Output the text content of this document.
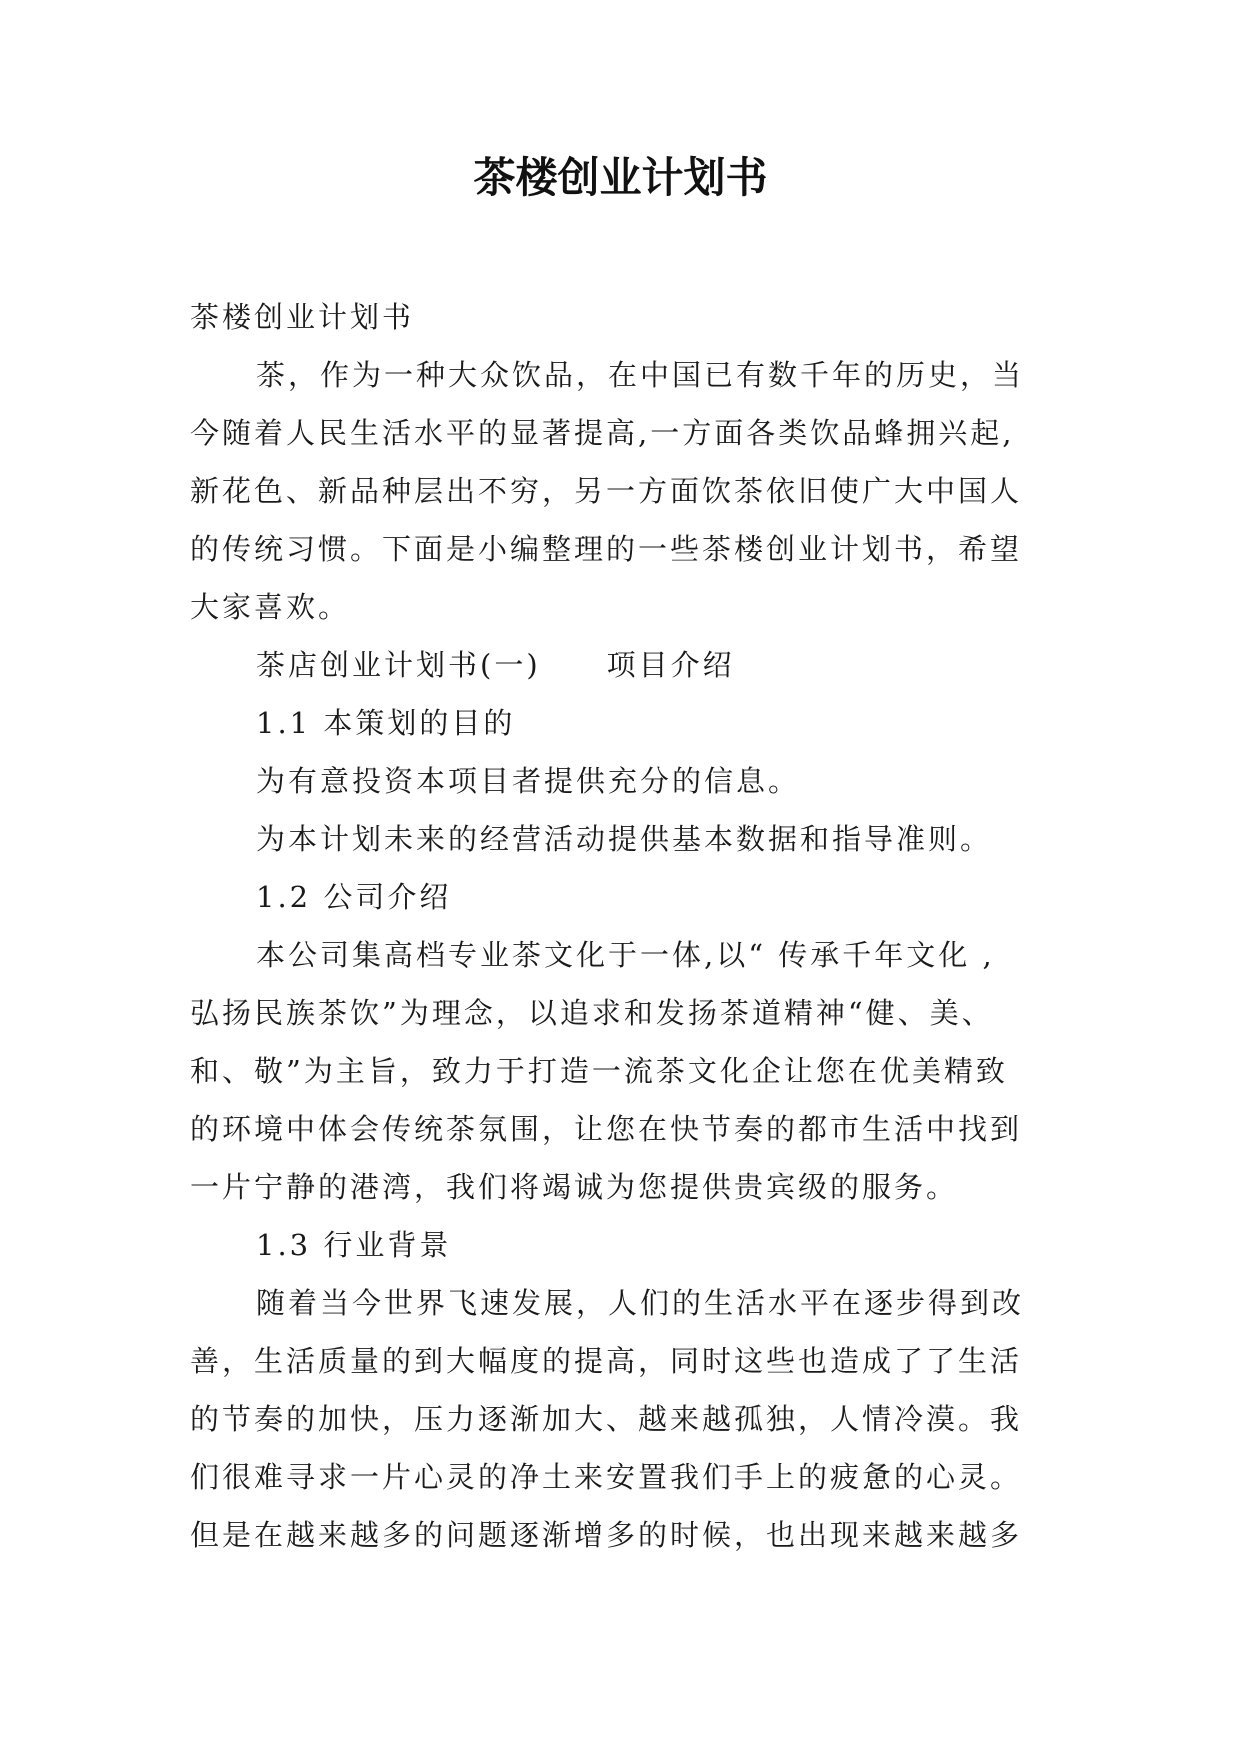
茶楼创业计划书
茶楼创业计划书
茶，作为一种大众饮品，在中国已有数千年的历史，当
今随着人民生活水平的显著提高,一方面各类饮品蜂拥兴起,
新花色、新品种层出不穷，另一方面饮茶依旧使广大中国人
的传统习惯。下面是小编整理的一些茶楼创业计划书，希望
大家喜欢。
茶店创业计划书(一) 项目介绍
1.1 本策划的目的
为有意投资本项目者提供充分的信息。
为本计划未来的经营活动提供基本数据和指导准则。
1.2 公司介绍
本公司集高档专业茶文化于一体,以“ 传承千年文化 ,
弘扬民族茶饮”为理念，以追求和发扬茶道精神“健、美、
和、敬”为主旨，致力于打造一流茶文化企让您在优美精致
的环境中体会传统茶氛围，让您在快节奏的都市生活中找到
一片宁静的港湾，我们将竭诚为您提供贵宾级的服务。
1.3 行业背景
随着当今世界飞速发展，人们的生活水平在逐步得到改
善，生活质量的到大幅度的提高，同时这些也造成了了生活
的节奏的加快，压力逐渐加大、越来越孤独，人情冷漠。我
们很难寻求一片心灵的净土来安置我们手上的疲惫的心灵。
但是在越来越多的问题逐渐增多的时候，也出现来越来越多
